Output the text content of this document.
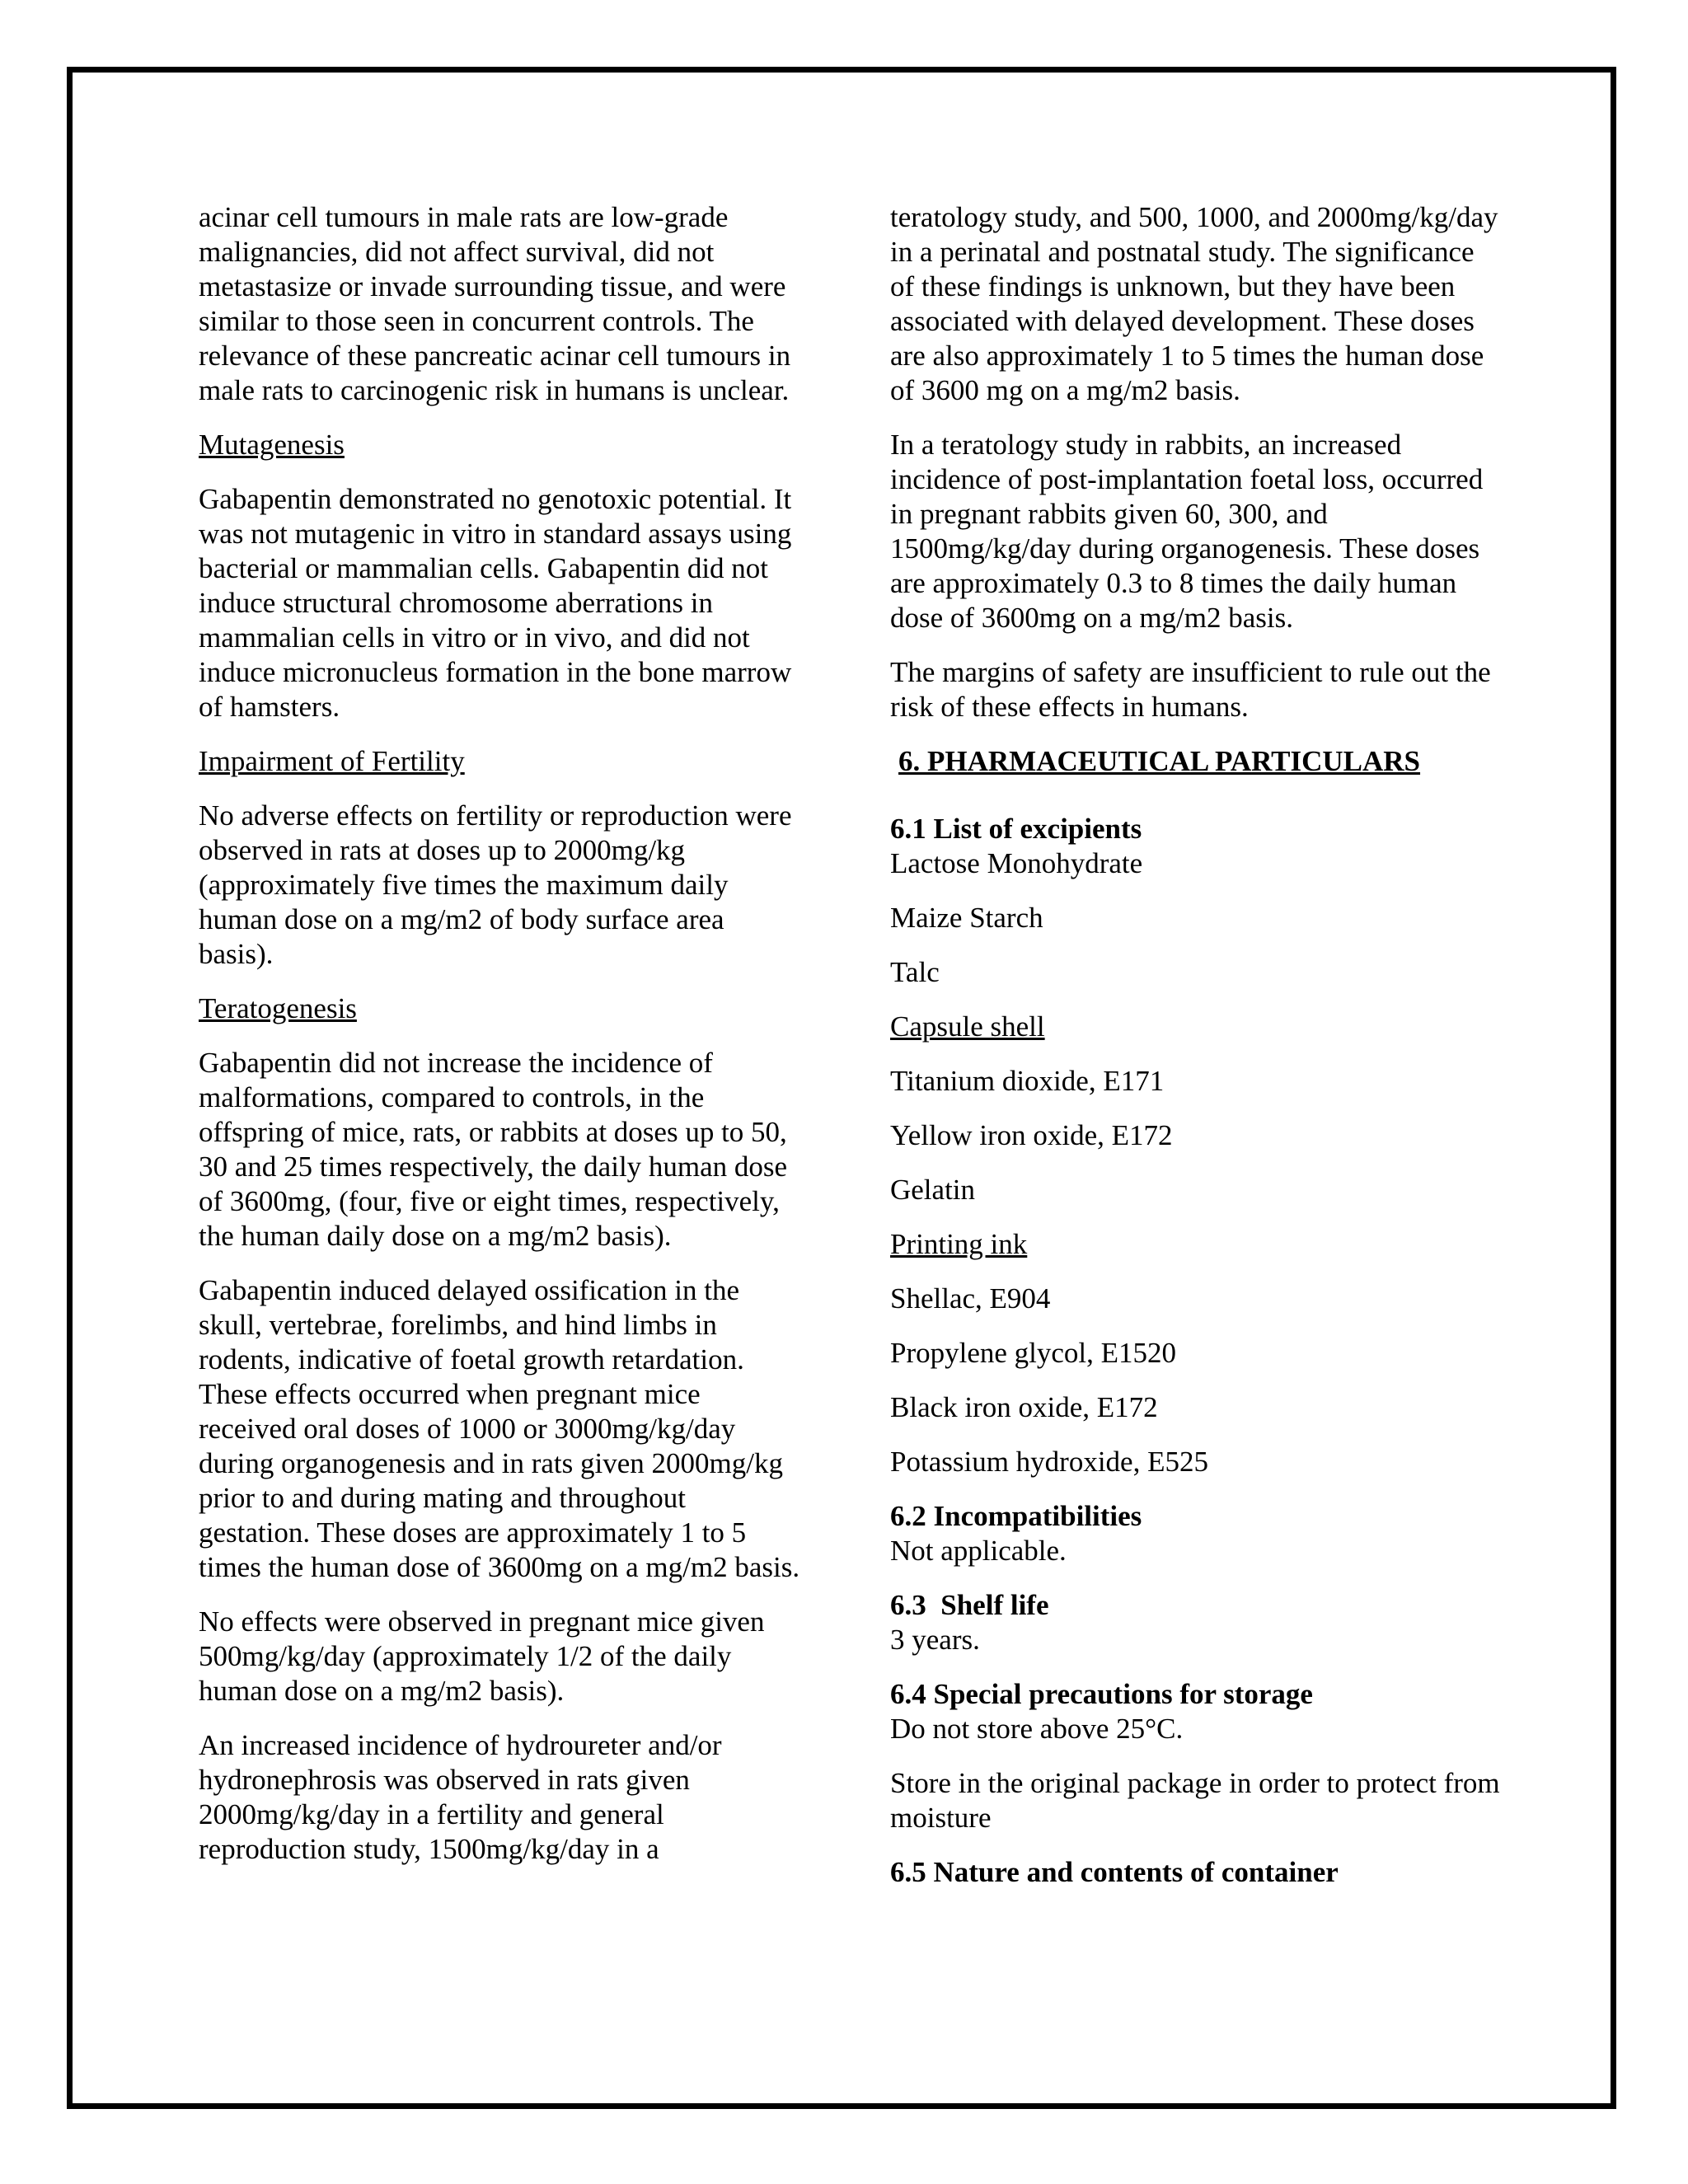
acinar cell tumours in male rats are low-grade malignancies, did not affect survival, did not metastasize or invade surrounding tissue, and were similar to those seen in concurrent controls. The relevance of these pancreatic acinar cell tumours in male rats to carcinogenic risk in humans is unclear.

Mutagenesis

Gabapentin demonstrated no genotoxic potential. It was not mutagenic in vitro in standard assays using bacterial or mammalian cells. Gabapentin did not induce structural chromosome aberrations in mammalian cells in vitro or in vivo, and did not induce micronucleus formation in the bone marrow of hamsters.

Impairment of Fertility

No adverse effects on fertility or reproduction were observed in rats at doses up to 2000mg/kg (approximately five times the maximum daily human dose on a mg/m2 of body surface area basis).

Teratogenesis

Gabapentin did not increase the incidence of malformations, compared to controls, in the offspring of mice, rats, or rabbits at doses up to 50, 30 and 25 times respectively, the daily human dose of 3600mg, (four, five or eight times, respectively, the human daily dose on a mg/m2 basis).

Gabapentin induced delayed ossification in the skull, vertebrae, forelimbs, and hind limbs in rodents, indicative of foetal growth retardation. These effects occurred when pregnant mice received oral doses of 1000 or 3000mg/kg/day during organogenesis and in rats given 2000mg/kg prior to and during mating and throughout gestation. These doses are approximately 1 to 5 times the human dose of 3600mg on a mg/m2 basis.

No effects were observed in pregnant mice given 500mg/kg/day (approximately 1/2 of the daily human dose on a mg/m2 basis).

An increased incidence of hydroureter and/or hydronephrosis was observed in rats given 2000mg/kg/day in a fertility and general reproduction study, 1500mg/kg/day in a

teratology study, and 500, 1000, and 2000mg/kg/day in a perinatal and postnatal study. The significance of these findings is unknown, but they have been associated with delayed development. These doses are also approximately 1 to 5 times the human dose of 3600 mg on a mg/m2 basis.

In a teratology study in rabbits, an increased incidence of post-implantation foetal loss, occurred in pregnant rabbits given 60, 300, and 1500mg/kg/day during organogenesis. These doses are approximately 0.3 to 8 times the daily human dose of 3600mg on a mg/m2 basis.

The margins of safety are insufficient to rule out the risk of these effects in humans.

6. PHARMACEUTICAL PARTICULARS

6.1 List of excipients
Lactose Monohydrate

Maize Starch

Talc

Capsule shell

Titanium dioxide, E171

Yellow iron oxide, E172

Gelatin

Printing ink

Shellac, E904

Propylene glycol, E1520

Black iron oxide, E172

Potassium hydroxide, E525

6.2 Incompatibilities
Not applicable.
6.3  Shelf life
3 years.
6.4 Special precautions for storage
Do not store above 25°C.

Store in the original package in order to protect from moisture

6.5 Nature and contents of container
